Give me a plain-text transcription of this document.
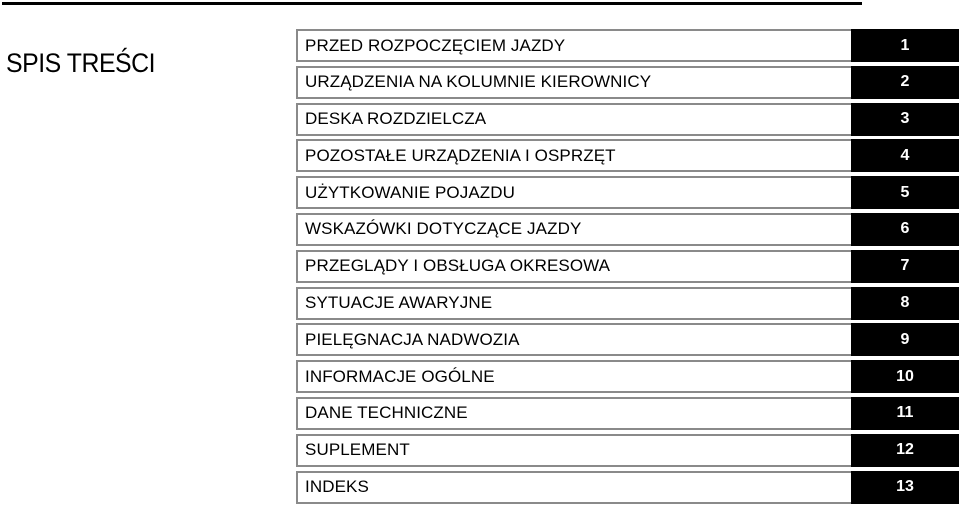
SPIS TREŚCI
PRZED ROZPOCZĘCIEM JAZDY	1
URZĄDZENIA NA KOLUMNIE KIEROWNICY	2
DESKA ROZDZIELCZA	3
POZOSTAŁE URZĄDZENIA I OSPRZĘT	4
UŻYTKOWANIE POJAZDU	5
WSKAZÓWKI DOTYCZĄCE JAZDY	6
PRZEGLĄDY I OBSŁUGA OKRESOWA	7
SYTUACJE AWARYJNE	8
PIELĘGNACJA NADWOZIA	9
INFORMACJE OGÓLNE	10
DANE TECHNICZNE	11
SUPLEMENT	12
INDEKS	13
